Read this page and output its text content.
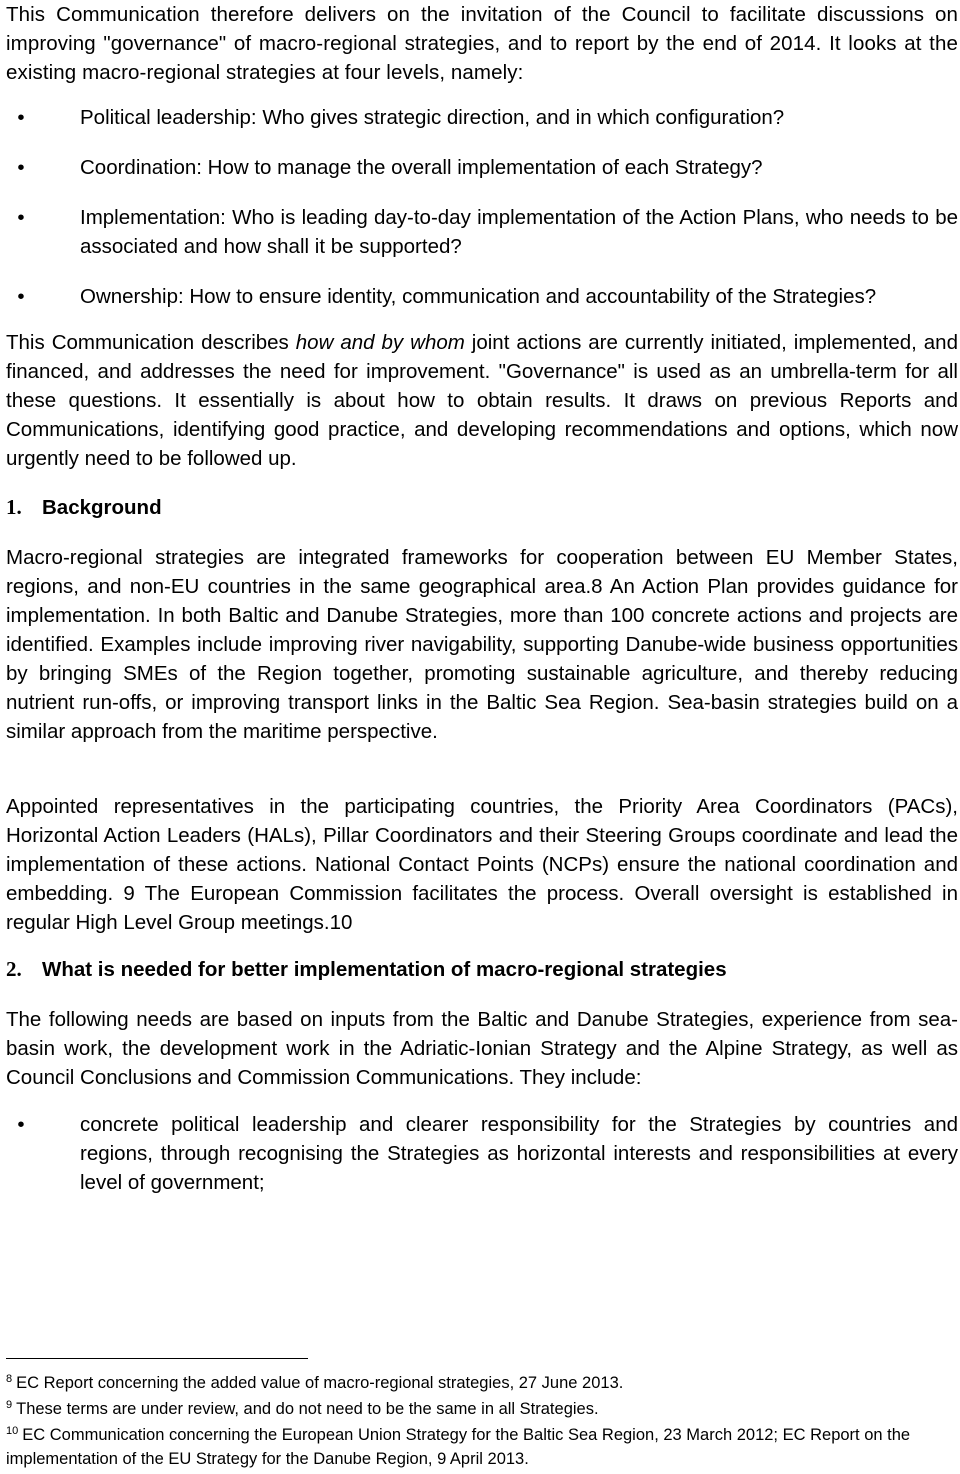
This Communication therefore delivers on the invitation of the Council to facilitate discussions on improving "governance" of macro-regional strategies, and to report by the end of 2014. It looks at the existing macro-regional strategies at four levels, namely:

•	Political leadership: Who gives strategic direction, and in which configuration?
•	Coordination: How to manage the overall implementation of each Strategy?
•	Implementation: Who is leading day-to-day implementation of the Action Plans, who needs to be associated and how shall it be supported?
•	Ownership: How to ensure identity, communication and accountability of the Strategies?

This Communication describes how and by whom joint actions are currently initiated, implemented, and financed, and addresses the need for improvement. "Governance" is used as an umbrella-term for all these questions. It essentially is about how to obtain results. It draws on previous Reports and Communications, identifying good practice, and developing recommendations and options, which now urgently need to be followed up.

1. Background

Macro-regional strategies are integrated frameworks for cooperation between EU Member States, regions, and non-EU countries in the same geographical area.8 An Action Plan provides guidance for implementation. In both Baltic and Danube Strategies, more than 100 concrete actions and projects are identified. Examples include improving river navigability, supporting Danube-wide business opportunities by bringing SMEs of the Region together, promoting sustainable agriculture, and thereby reducing nutrient run-offs, or improving transport links in the Baltic Sea Region. Sea-basin strategies build on a similar approach from the maritime perspective.

Appointed representatives in the participating countries, the Priority Area Coordinators (PACs), Horizontal Action Leaders (HALs), Pillar Coordinators and their Steering Groups coordinate and lead the implementation of these actions. National Contact Points (NCPs) ensure the national coordination and embedding. 9 The European Commission facilitates the process. Overall oversight is established in regular High Level Group meetings.10

2. What is needed for better implementation of macro-regional strategies

The following needs are based on inputs from the Baltic and Danube Strategies, experience from sea-basin work, the development work in the Adriatic-Ionian Strategy and the Alpine Strategy, as well as Council Conclusions and Commission Communications. They include:

•	concrete political leadership and clearer responsibility for the Strategies by countries and regions, through recognising the Strategies as horizontal interests and responsibilities at every level of government;
$^8$ EC Report concerning the added value of macro-regional strategies, 27 June 2013.
$^9$ These terms are under review, and do not need to be the same in all Strategies.
$^{10}$ EC Communication concerning the European Union Strategy for the Baltic Sea Region, 23 March 2012; EC Report on the implementation of the EU Strategy for the Danube Region, 9 April 2013.
